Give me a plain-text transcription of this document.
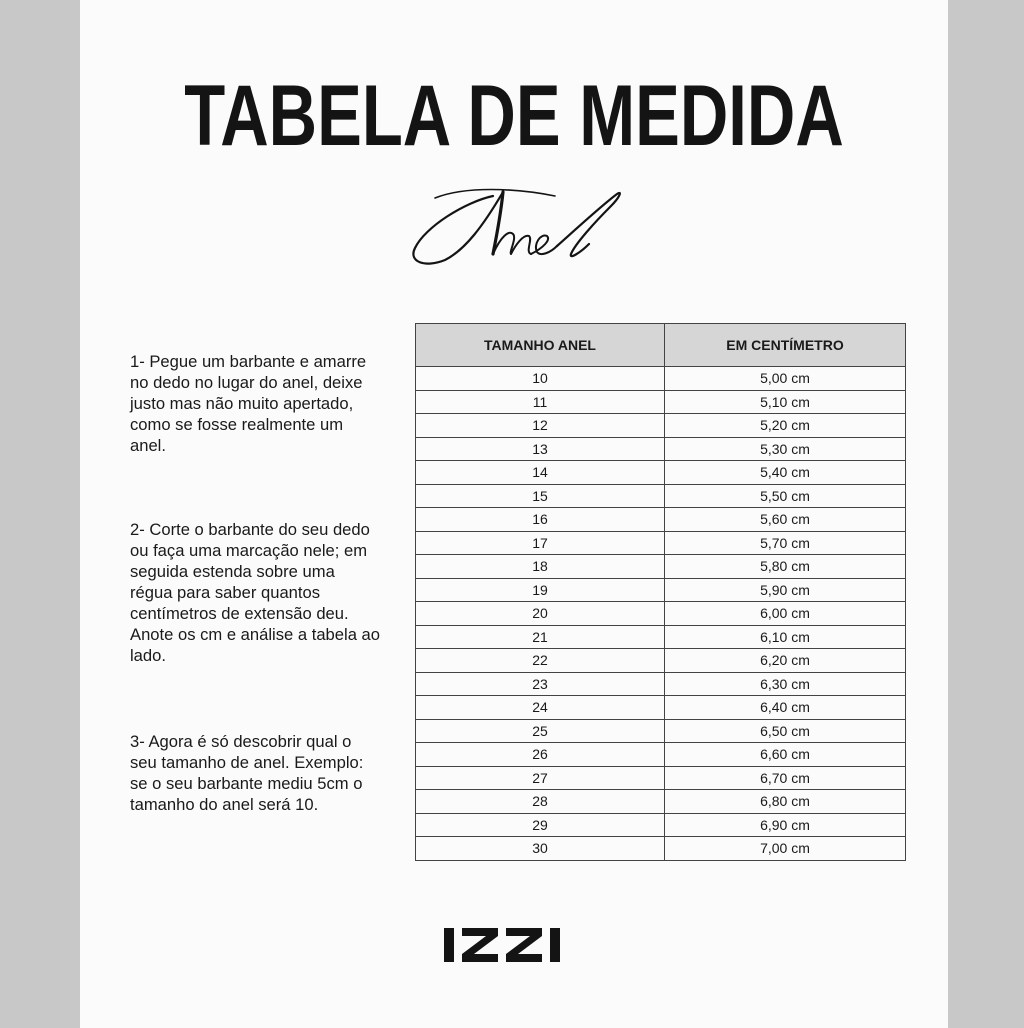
TABELA DE MEDIDA

1- Pegue um barbante e amarre no dedo no lugar do anel, deixe justo mas não muito apertado, como se fosse realmente um anel.

2- Corte o barbante do seu dedo ou faça uma marcação nele; em seguida estenda sobre uma régua para saber quantos centímetros de extensão deu. Anote os cm e análise a tabela ao lado.

3- Agora é só descobrir qual o seu tamanho de anel. Exemplo: se o seu barbante mediu 5cm o tamanho do anel será 10.

TAMANHO ANEL	EM CENTÍMETRO
10	5,00 cm
11	5,10 cm
12	5,20 cm
13	5,30 cm
14	5,40 cm
15	5,50 cm
16	5,60 cm
17	5,70 cm
18	5,80 cm
19	5,90 cm
20	6,00 cm
21	6,10 cm
22	6,20 cm
23	6,30 cm
24	6,40 cm
25	6,50 cm
26	6,60 cm
27	6,70 cm
28	6,80 cm
29	6,90 cm
30	7,00 cm
